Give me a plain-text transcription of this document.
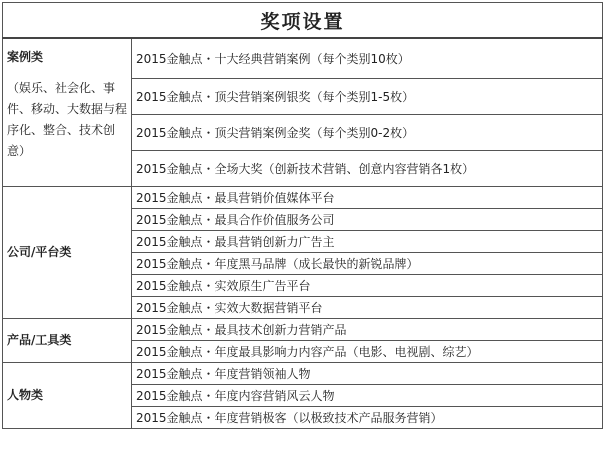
奖项设置	

案例类
（娱乐、社会化、事件、移动、大数据与程序化、整合、技术创意）	2015金触点・十大经典营销案例（每个类别10枚）
	2015金触点・顶尖营销案例银奖（每个类别1-5枚）
	2015金触点・顶尖营销案例金奖（每个类别0-2枚）
	2015金触点・全场大奖（创新技术营销、创意内容营销各1枚）

公司/平台类	2015金触点・最具营销价值媒体平台
	2015金触点・最具合作价值服务公司
	2015金触点・最具营销创新力广告主
	2015金触点・年度黑马品牌（成长最快的新锐品牌）
	2015金触点・实效原生广告平台
	2015金触点・实效大数据营销平台

产品/工具类	2015金触点・最具技术创新力营销产品
	2015金触点・年度最具影响力内容产品（电影、电视剧、综艺）

人物类	2015金触点・年度营销领袖人物
	2015金触点・年度内容营销风云人物
	2015金触点・年度营销极客（以极致技术产品服务营销）
